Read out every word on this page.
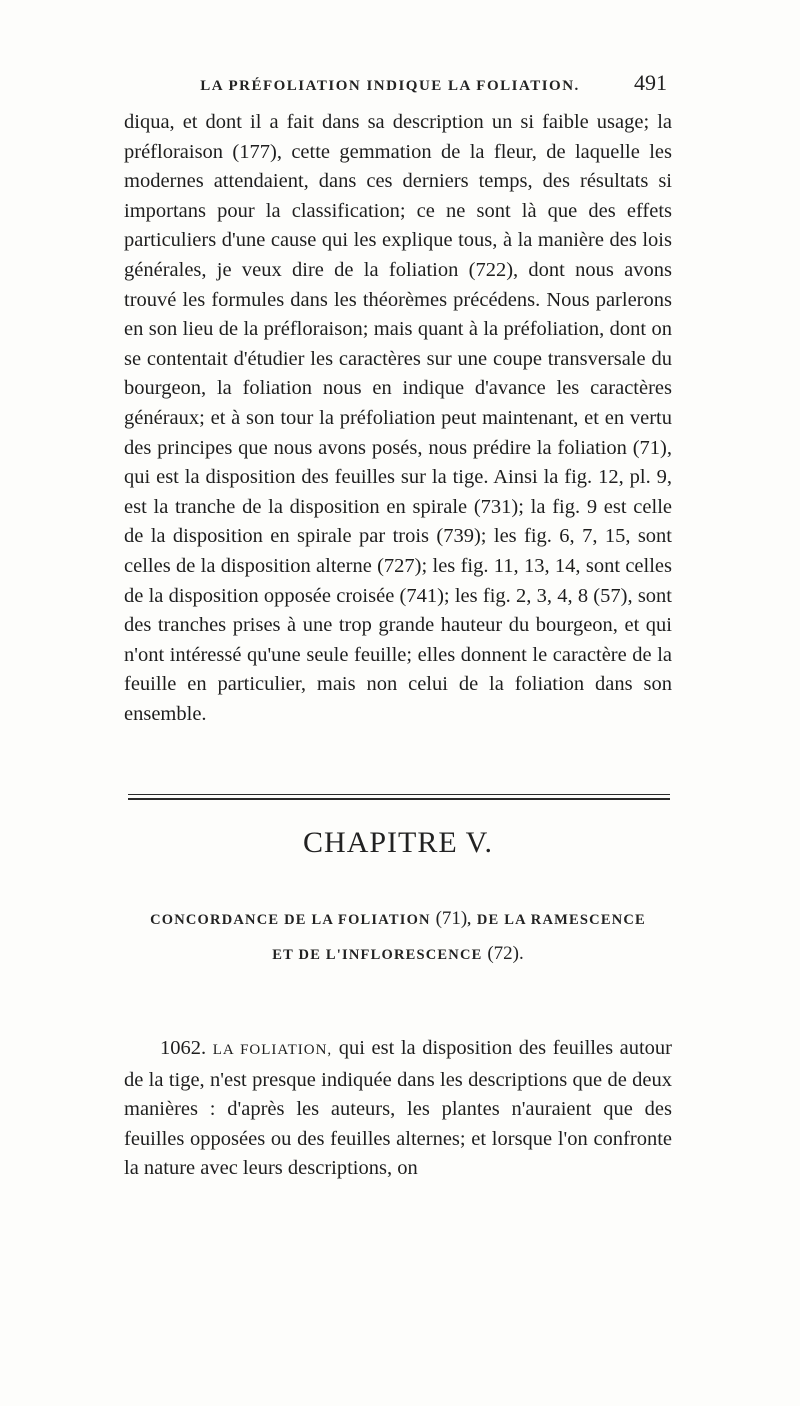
LA PRÉFOLIATION INDIQUE LA FOLIATION.	491
diqua, et dont il a fait dans sa description un si faible usage; la préfloraison (177), cette gemmation de la fleur, de laquelle les modernes attendaient, dans ces derniers temps, des résultats si importans pour la classification; ce ne sont là que des effets particuliers d'une cause qui les explique tous, à la manière des lois générales, je veux dire de la foliation (722), dont nous avons trouvé les formules dans les théorèmes précédens. Nous parlerons en son lieu de la préfloraison; mais quant à la préfoliation, dont on se contentait d'étudier les caractères sur une coupe transversale du bourgeon, la foliation nous en indique d'avance les caractères généraux; et à son tour la préfoliation peut maintenant, et en vertu des principes que nous avons posés, nous prédire la foliation (71), qui est la disposition des feuilles sur la tige. Ainsi la fig. 12, pl. 9, est la tranche de la disposition en spirale (731); la fig. 9 est celle de la disposition en spirale par trois (739); les fig. 6, 7, 15, sont celles de la disposition alterne (727); les fig. 11, 13, 14, sont celles de la disposition opposée croisée (741); les fig. 2, 3, 4, 8 (57), sont des tranches prises à une trop grande hauteur du bourgeon, et qui n'ont intéressé qu'une seule feuille; elles donnent le caractère de la feuille en particulier, mais non celui de la foliation dans son ensemble.
CHAPITRE V.
CONCORDANCE DE LA FOLIATION (71), DE LA RAMESCENCE
ET DE L'INFLORESCENCE (72).
1062. LA FOLIATION, qui est la disposition des feuilles autour de la tige, n'est presque indiquée dans les descriptions que de deux manières : d'après les auteurs, les plantes n'auraient que des feuilles opposées ou des feuilles alternes; et lorsque l'on confronte la nature avec leurs descriptions, on
